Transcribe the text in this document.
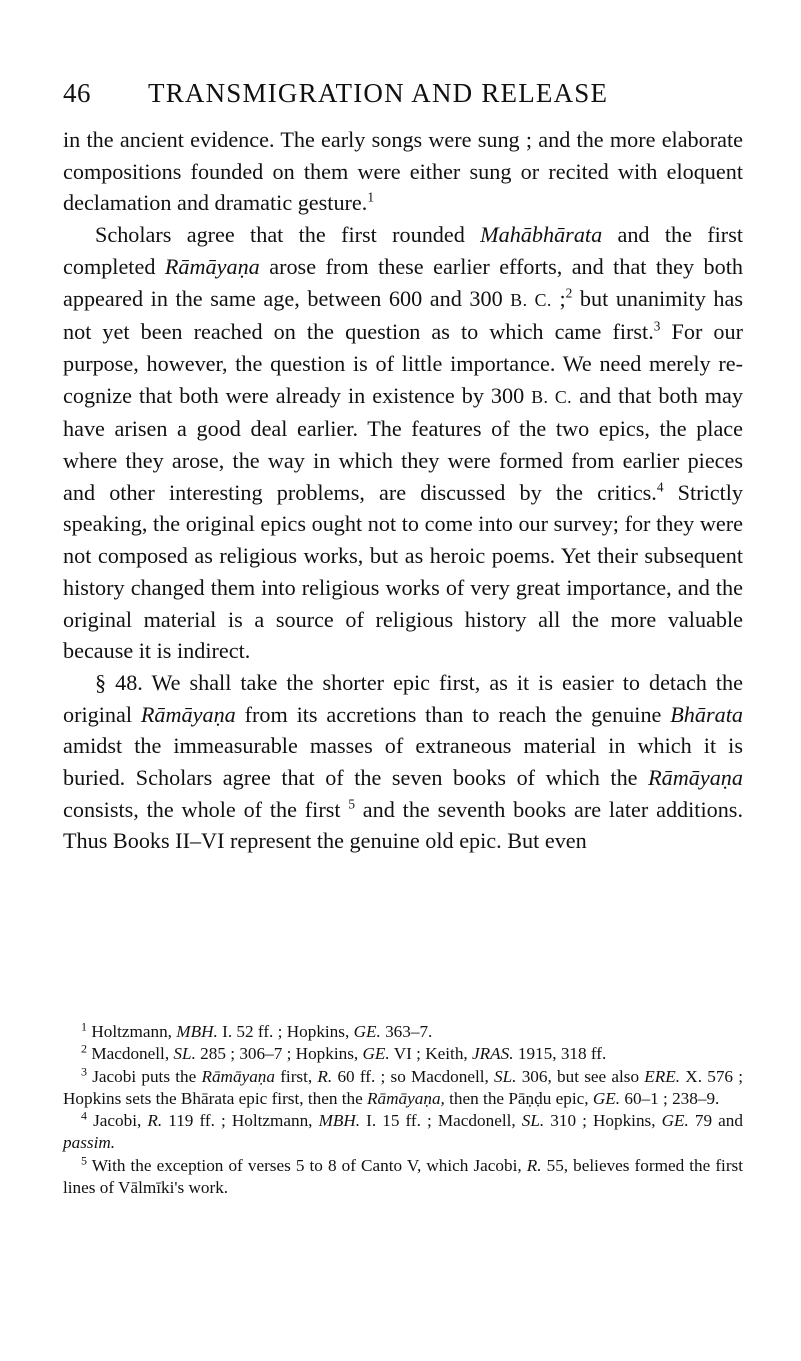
46 TRANSMIGRATION AND RELEASE

in the ancient evidence. The early songs were sung ; and the more elaborate compositions founded on them were either sung or recited with eloquent declamation and dramatic gesture.$^1$

Scholars agree that the first rounded Mahābhārata and the first completed Rāmāyaṇa arose from these earlier efforts, and that they both appeared in the same age, between 600 and 300 B. C. ;$^2$ but unanimity has not yet been reached on the question as to which came first.$^3$ For our purpose, however, the question is of little importance. We need merely re-cognize that both were already in existence by 300 B. C. and that both may have arisen a good deal earlier. The features of the two epics, the place where they arose, the way in which they were formed from earlier pieces and other interesting problems, are discussed by the critics.$^4$ Strictly speaking, the original epics ought not to come into our survey; for they were not composed as religious works, but as heroic poems. Yet their subsequent history changed them into religious works of very great importance, and the original material is a source of religious history all the more valuable because it is indirect.

§ 48. We shall take the shorter epic first, as it is easier to detach the original Rāmāyaṇa from its accretions than to reach the genuine Bhārata amidst the immeasurable masses of extraneous material in which it is buried. Scholars agree that of the seven books of which the Rāmāyaṇa consists, the whole of the first $^5$ and the seventh books are later additions. Thus Books II–VI represent the genuine old epic. But even

$^1$ Holtzmann, MBH. I. 52 ff. ; Hopkins, GE. 363–7.

$^2$ Macdonell, SL. 285 ; 306–7 ; Hopkins, GE. VI ; Keith, JRAS. 1915, 318 ff.

$^3$ Jacobi puts the Rāmāyaṇa first, R. 60 ff. ; so Macdonell, SL. 306, but see also ERE. X. 576 ; Hopkins sets the Bhārata epic first, then the Rāmāyaṇa, then the Pāṇḍu epic, GE. 60–1 ; 238–9.

$^4$ Jacobi, R. 119 ff. ; Holtzmann, MBH. I. 15 ff. ; Macdonell, SL. 310 ; Hopkins, GE. 79 and passim.

$^5$ With the exception of verses 5 to 8 of Canto V, which Jacobi, R. 55, believes formed the first lines of Vālmīki's work.
